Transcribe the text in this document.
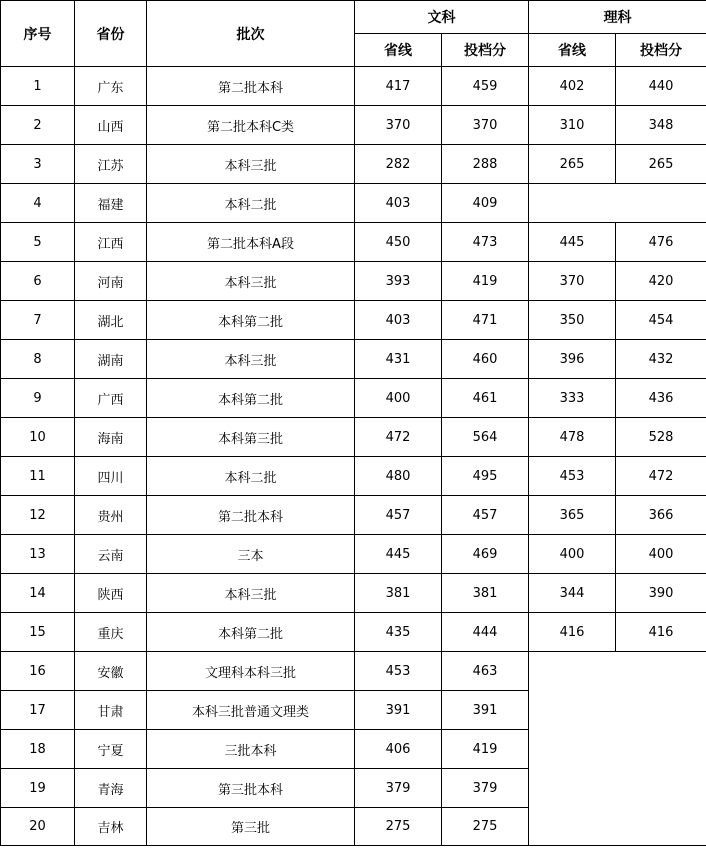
序号	省份	批次	文科		理科	
			省线	投档分	省线	投档分
1	广东	第二批本科	417	459	402	440
2	山西	第二批本科C类	370	370	310	348
3	江苏	本科三批	282	288	265	265
4	福建	本科二批	403	409		
5	江西	第二批本科A段	450	473	445	476
6	河南	本科三批	393	419	370	420
7	湖北	本科第二批	403	471	350	454
8	湖南	本科三批	431	460	396	432
9	广西	本科第二批	400	461	333	436
10	海南	本科第三批	472	564	478	528
11	四川	本科二批	480	495	453	472
12	贵州	第二批本科	457	457	365	366
13	云南	三本	445	469	400	400
14	陕西	本科三批	381	381	344	390
15	重庆	本科第二批	435	444	416	416
16	安徽	文理科本科三批	453	463		
17	甘肃	本科三批普通文理类	391	391		
18	宁夏	三批本科	406	419		
19	青海	第三批本科	379	379		
20	吉林	第三批	275	275		
